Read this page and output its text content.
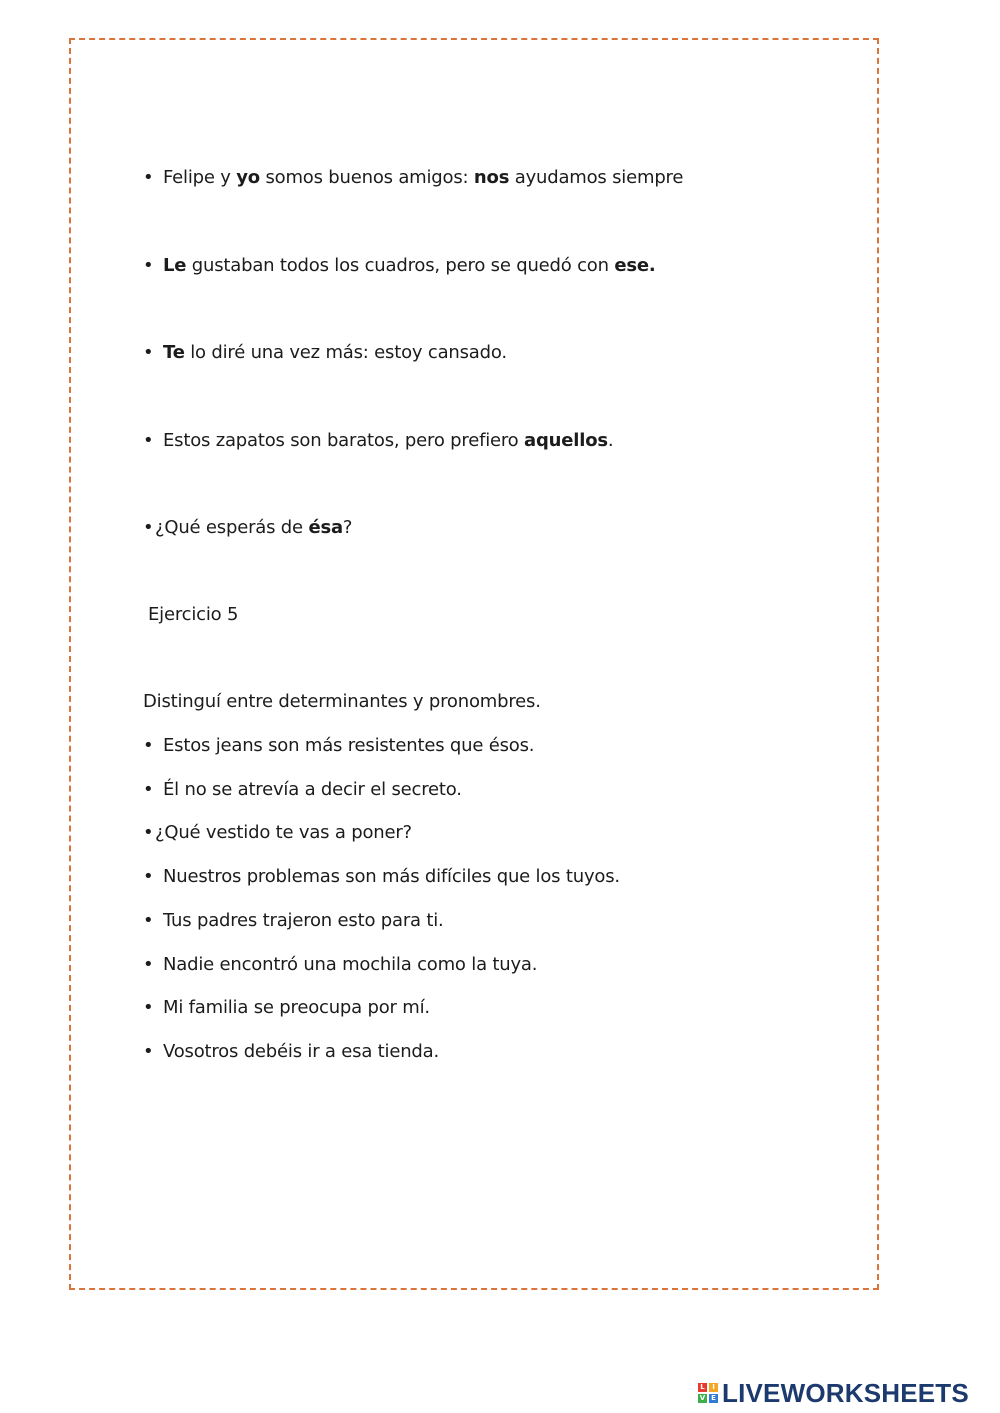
• Felipe y yo somos buenos amigos: nos ayudamos siempre
• Le gustaban todos los cuadros, pero se quedó con ese.
• Te lo diré una vez más: estoy cansado.
• Estos zapatos son baratos, pero prefiero aquellos.
•¿Qué esperás de ésa?
Ejercicio 5
Distinguí entre determinantes y pronombres.
• Estos jeans son más resistentes que ésos.
• Él no se atrevía a decir el secreto.
•¿Qué vestido te vas a poner?
• Nuestros problemas son más difíciles que los tuyos.
• Tus padres trajeron esto para ti.
• Nadie encontró una mochila como la tuya.
• Mi familia se preocupa por mí.
• Vosotros debéis ir a esa tienda.
L	I
V E LIVEWORKSHEETS
